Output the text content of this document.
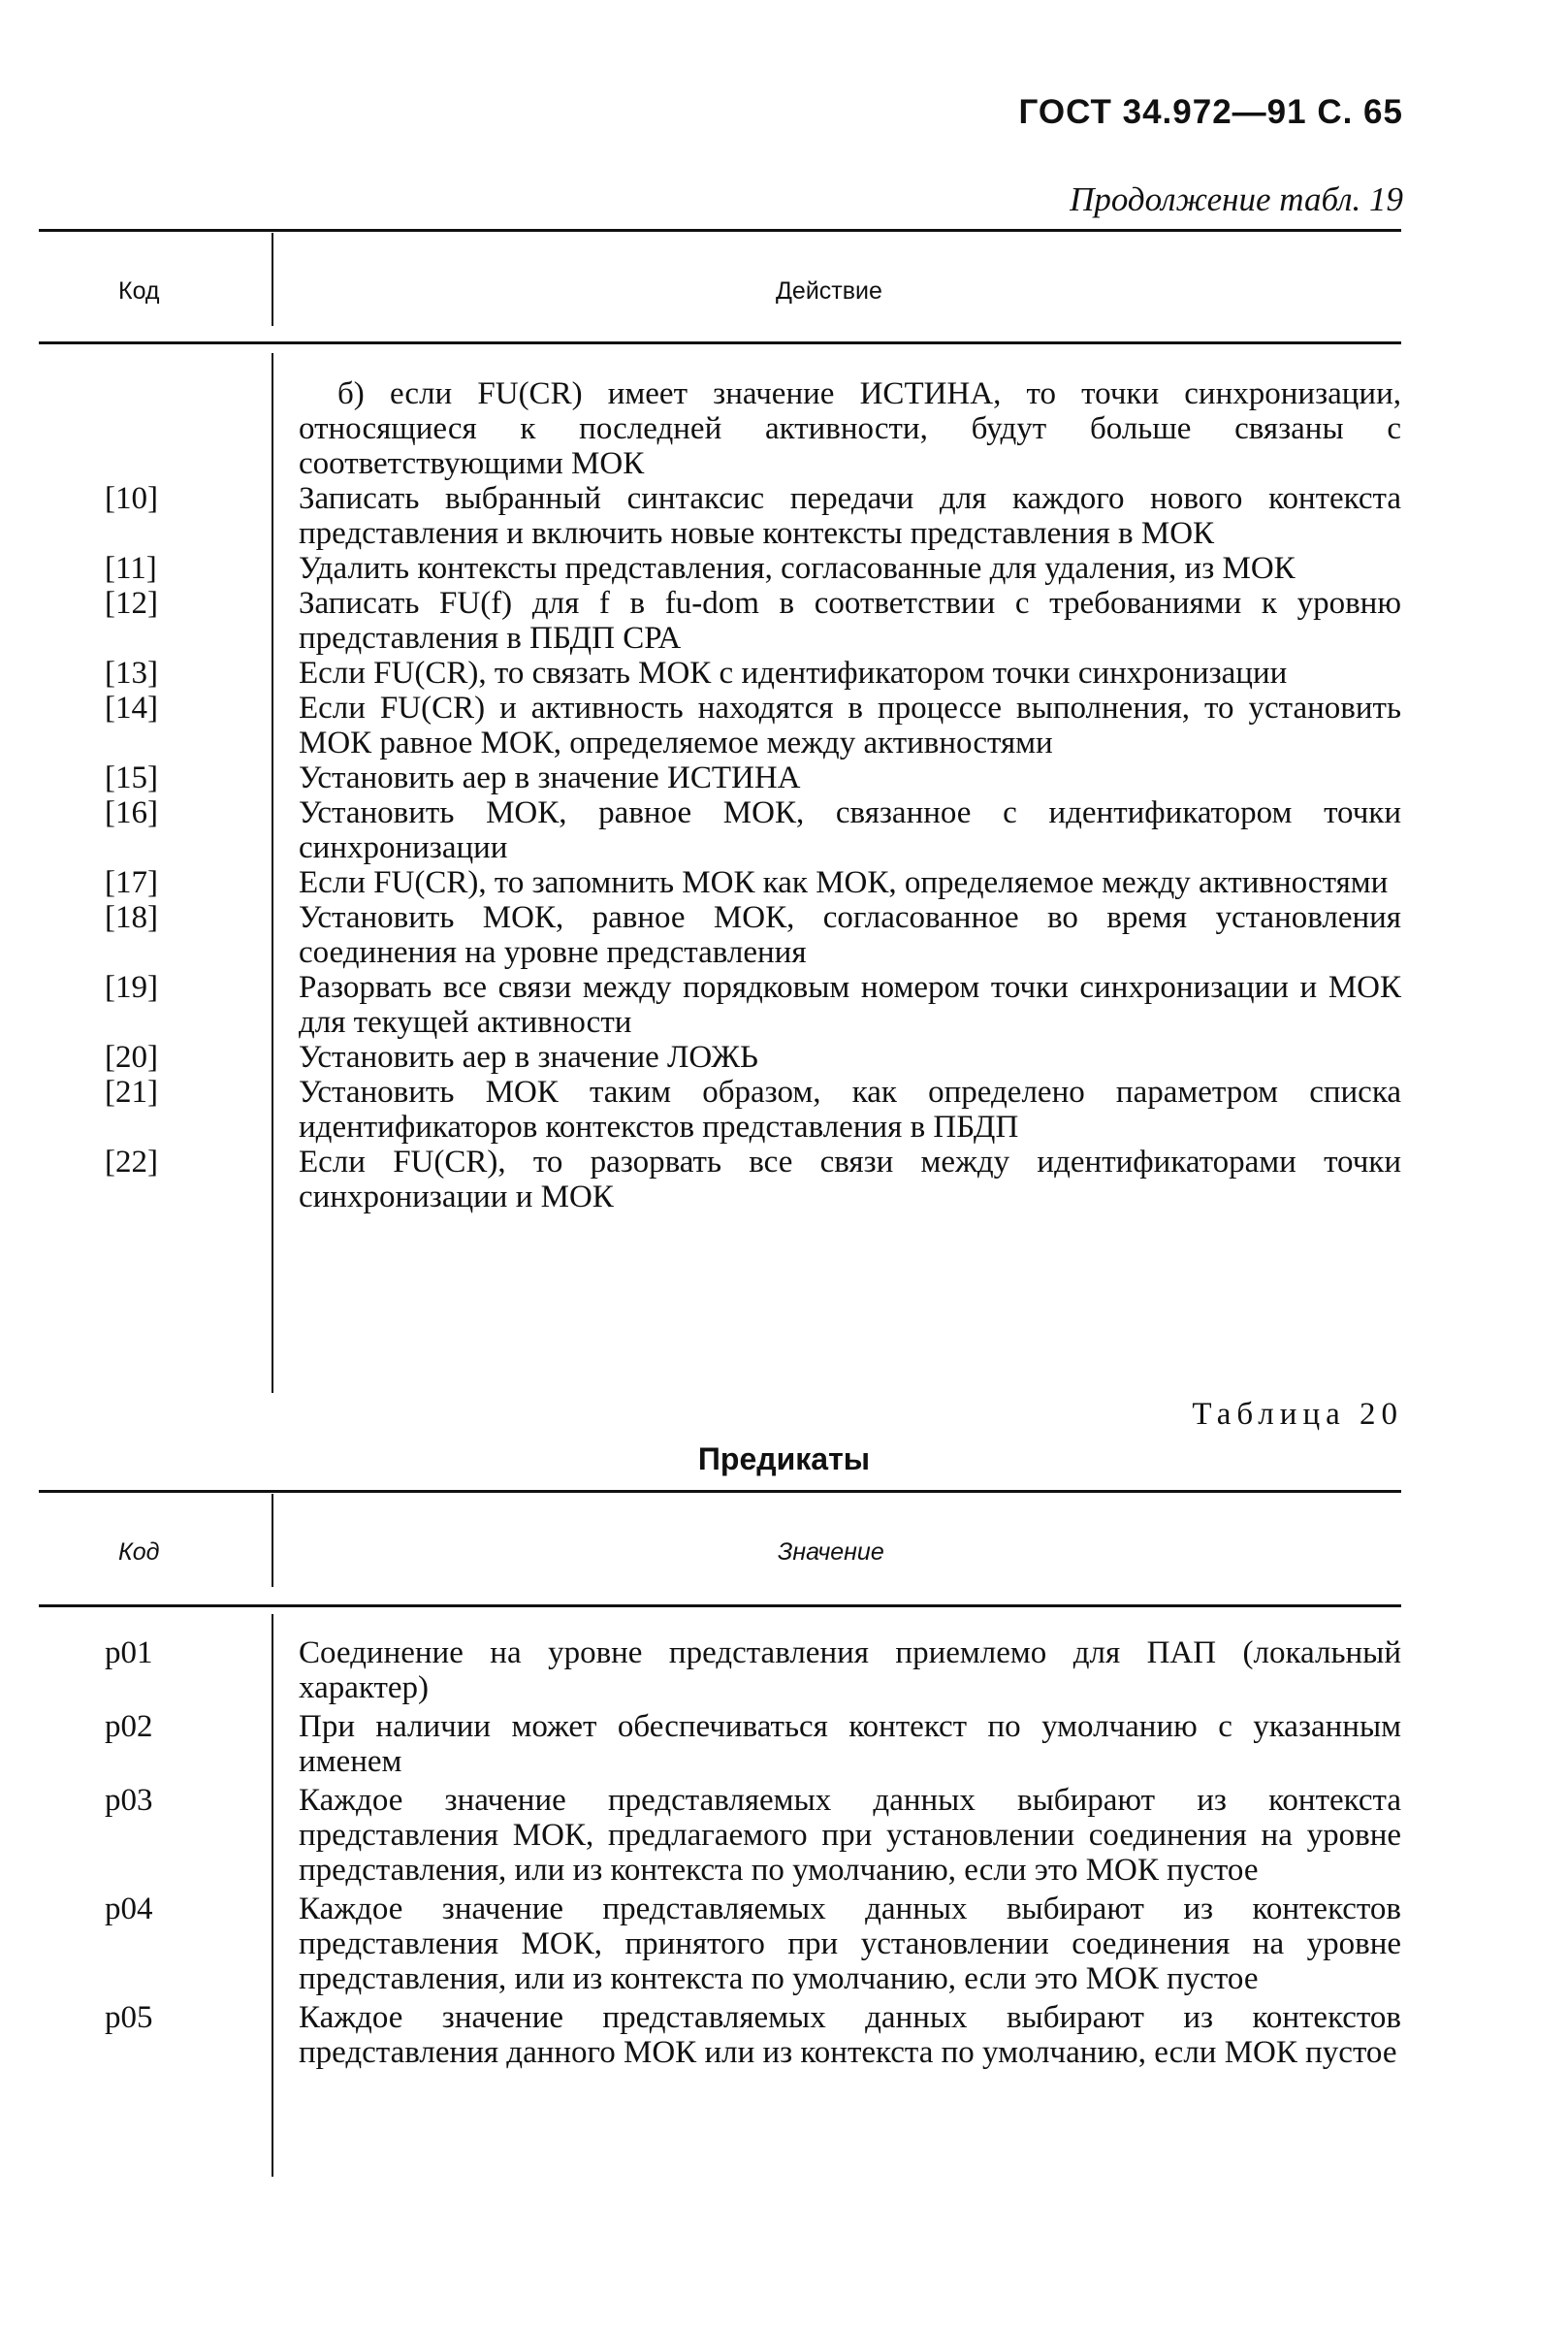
ГОСТ 34.972—91 С. 65
Продолжение табл. 19
Код	Действие
б) если FU(CR) имеет значение ИСТИНА, то точки синхронизации, относящиеся к последней активности, будут больше связаны с соответствующими МОК
[10]	Записать выбранный синтаксис передачи для каждого нового контекста представления и включить новые контексты представления в МОК
[11]	Удалить контексты представления, согласованные для удаления, из МОК
[12]	Записать FU(f) для f в fu-dom в соответствии с требованиями к уровню представления в ПБДП СРА
[13]	Если FU(CR), то связать МОК с идентификатором точки синхронизации
[14]	Если FU(CR) и активность находятся в процессе выполнения, то установить МОК равное МОК, определяемое между активностями
[15]	Установить аер в значение ИСТИНА
[16]	Установить МОК, равное МОК, связанное с идентификатором точки синхронизации
[17]	Если FU(CR), то запомнить МОК как МОК, определяемое между активностями
[18]	Установить МОК, равное МОК, согласованное во время установления соединения на уровне представления
[19]	Разорвать все связи между порядковым номером точки синхронизации и МОК для текущей активности
[20]	Установить аер в значение ЛОЖЬ
[21]	Установить МОК таким образом, как определено параметром списка идентификаторов контекстов представления в ПБДП
[22]	Если FU(CR), то разорвать все связи между идентификаторами точки синхронизации и МОК
Таблица 20
Предикаты
Код	Значение
p01	Соединение на уровне представления приемлемо для ПАП (локальный характер)
p02	При наличии может обеспечиваться контекст по умолчанию с указанным именем
p03	Каждое значение представляемых данных выбирают из контекста представления МОК, предлагаемого при установлении соединения на уровне представления, или из контекста по умолчанию, если это МОК пустое
p04	Каждое значение представляемых данных выбирают из контекстов представления МОК, принятого при установлении соединения на уровне представления, или из контекста по умолчанию, если это МОК пустое
p05	Каждое значение представляемых данных выбирают из контекстов представления данного МОК или из контекста по умолчанию, если МОК пустое
